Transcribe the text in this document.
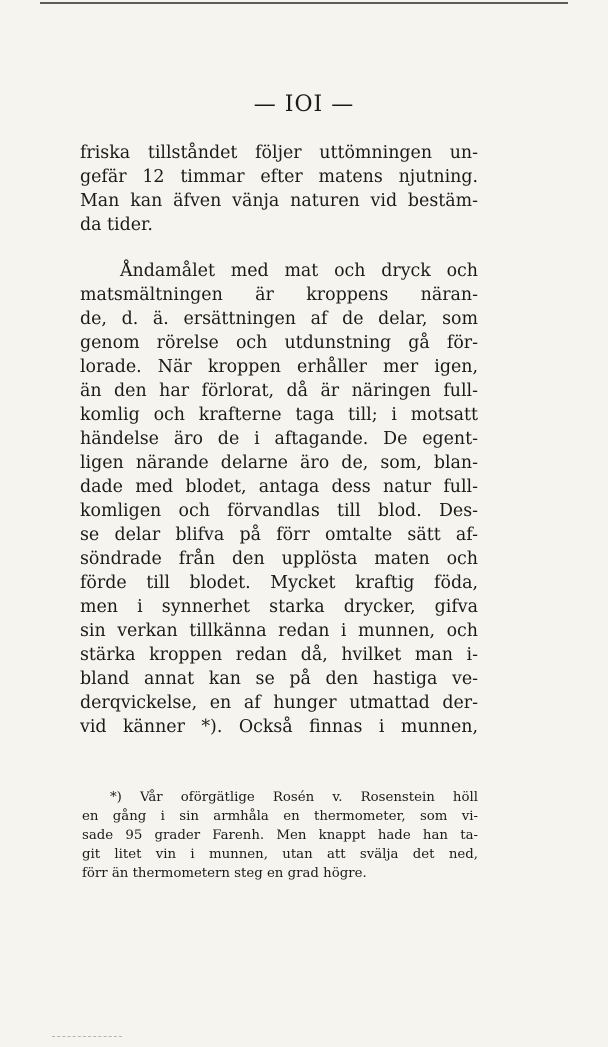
— IOI —
friska tillståndet följer uttömningen un-
gefär 12 timmar efter matens njutning.
Man kan äfven vänja naturen vid bestäm-
da tider.
Åndamålet med mat och dryck och
matsmältningen är kroppens näran-
de, d. ä. ersättningen af de delar, som
genom rörelse och utdunstning gå för-
lorade. När kroppen erhåller mer igen,
än den har förlorat, då är näringen full-
komlig och krafterne taga till; i motsatt
händelse äro de i aftagande. De egent-
ligen närande delarne äro de, som, blan-
dade med blodet, antaga dess natur full-
komligen och förvandlas till blod. Des-
se delar blifva på förr omtalte sätt af-
söndrade från den upplösta maten och
förde till blodet. Mycket kraftig föda,
men i synnerhet starka drycker, gifva
sin verkan tillkänna redan i munnen, och
stärka kroppen redan då, hvilket man i-
bland annat kan se på den hastiga ve-
derqvickelse, en af hunger utmattad der-
vid känner *). Också finnas i munnen,
*) Vår oförgätlige Rosén v. Rosenstein höll
en gång i sin armhåla en thermometer, som vi-
sade 95 grader Farenh. Men knappt hade han ta-
git litet vin i munnen, utan att svälja det ned,
förr än thermometern steg en grad högre.
